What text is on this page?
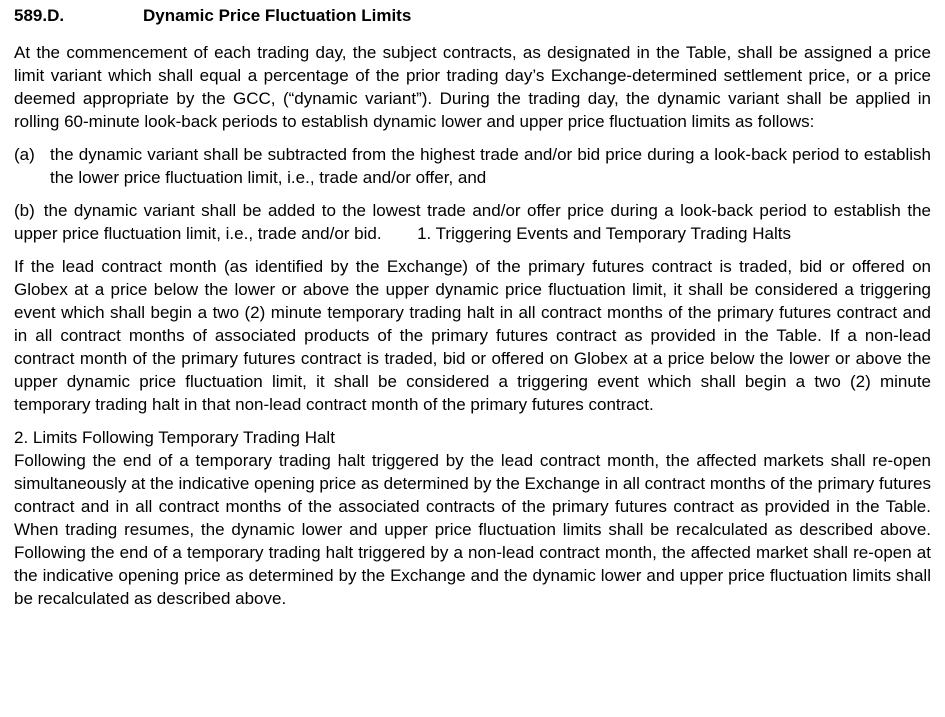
589.D.	Dynamic Price Fluctuation Limits

At the commencement of each trading day, the subject contracts, as designated in the Table, shall be assigned a price limit variant which shall equal a percentage of the prior trading day’s Exchange-determined settlement price, or a price deemed appropriate by the GCC, (“dynamic variant”). During the trading day, the dynamic variant shall be applied in rolling 60-minute look-back periods to establish dynamic lower and upper price fluctuation limits as follows:

(a) the dynamic variant shall be subtracted from the highest trade and/or bid price during a look-back period to establish the lower price fluctuation limit, i.e., trade and/or offer, and

(b) the dynamic variant shall be added to the lowest trade and/or offer price during a look-back period to establish the upper price fluctuation limit, i.e., trade and/or bid. 1. Triggering Events and Temporary Trading Halts

If the lead contract month (as identified by the Exchange) of the primary futures contract is traded, bid or offered on Globex at a price below the lower or above the upper dynamic price fluctuation limit, it shall be considered a triggering event which shall begin a two (2) minute temporary trading halt in all contract months of the primary futures contract and in all contract months of associated products of the primary futures contract as provided in the Table. If a non-lead contract month of the primary futures contract is traded, bid or offered on Globex at a price below the lower or above the upper dynamic price fluctuation limit, it shall be considered a triggering event which shall begin a two (2) minute temporary trading halt in that non-lead contract month of the primary futures contract.

2. Limits Following Temporary Trading Halt

Following the end of a temporary trading halt triggered by the lead contract month, the affected markets shall re-open simultaneously at the indicative opening price as determined by the Exchange in all contract months of the primary futures contract and in all contract months of the associated contracts of the primary futures contract as provided in the Table. When trading resumes, the dynamic lower and upper price fluctuation limits shall be recalculated as described above. Following the end of a temporary trading halt triggered by a non-lead contract month, the affected market shall re-open at the indicative opening price as determined by the Exchange and the dynamic lower and upper price fluctuation limits shall be recalculated as described above.
